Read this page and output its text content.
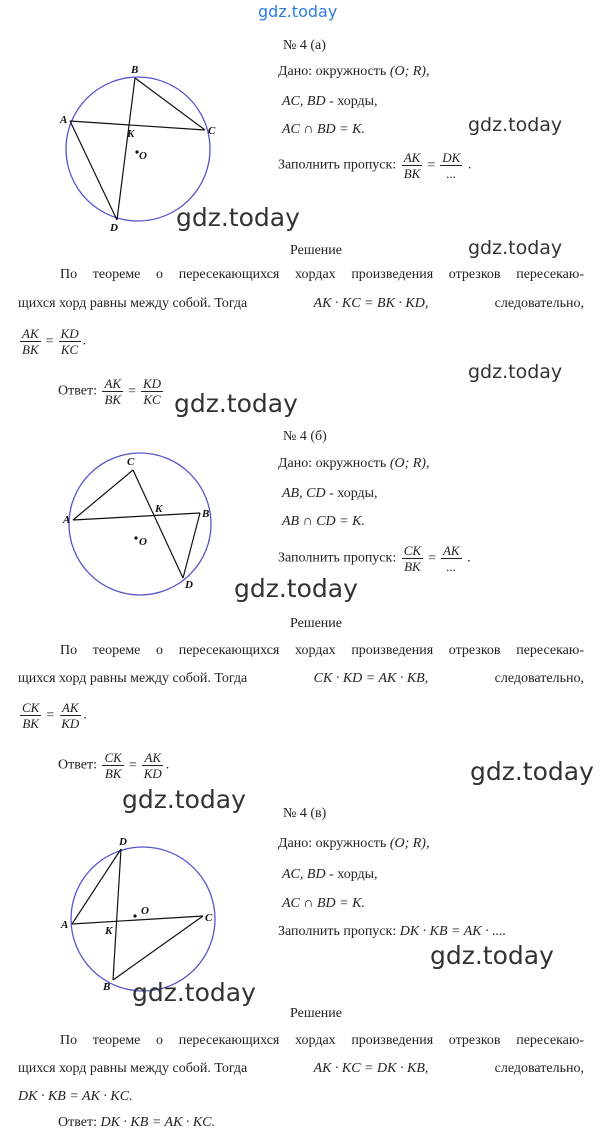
gdz.today
№ 4 (а)
A
B
C
D
K
O
Дано: окружность (O; R),
AC, BD - хорды,
AC ∩ BD = K.
Заполнить пропуск: $\frac{AK}{BK} = \frac{DK}{...}$ .
Решение
По теореме о пересекающихся хордах произведения отрезков пересекаю-
щихся хорд равны между собой. Тогда	AK · KC = BK · KD,	следовательно,
$\frac{AK}{BK} = \frac{KD}{KC}$ .
Ответ: $\frac{AK}{BK} = \frac{KD}{KC}$
№ 4 (б)
A
C
B
D
K
O
Дано: окружность (O; R),
AB, CD - хорды,
AB ∩ CD = K.
Заполнить пропуск: $\frac{CK}{BK} = \frac{AK}{...}$ .
Решение
По теореме о пересекающихся хордах произведения отрезков пересекаю-
щихся хорд равны между собой. Тогда	CK · KD = AK · KB,	следовательно,
$\frac{CK}{BK} = \frac{AK}{KD}$ .
Ответ: $\frac{CK}{BK} = \frac{AK}{KD}$ .
№ 4 (в)
A
D
C
B
K
O
Дано: окружность (O; R),
AC, BD - хорды,
AC ∩ BD = K.
Заполнить пропуск: DK · KB = AK · ....
Решение
По теореме о пересекающихся хордах произведения отрезков пересекаю-
щихся хорд равны между собой. Тогда	AK · KC = DK · KB,	следовательно,
DK · KB = AK · KC.
Ответ: DK · KB = AK · KC.
gdz.today
gdz.today
gdz.today
gdz.today
gdz.today
gdz.today
gdz.today
gdz.today
gdz.today
gdz.today
